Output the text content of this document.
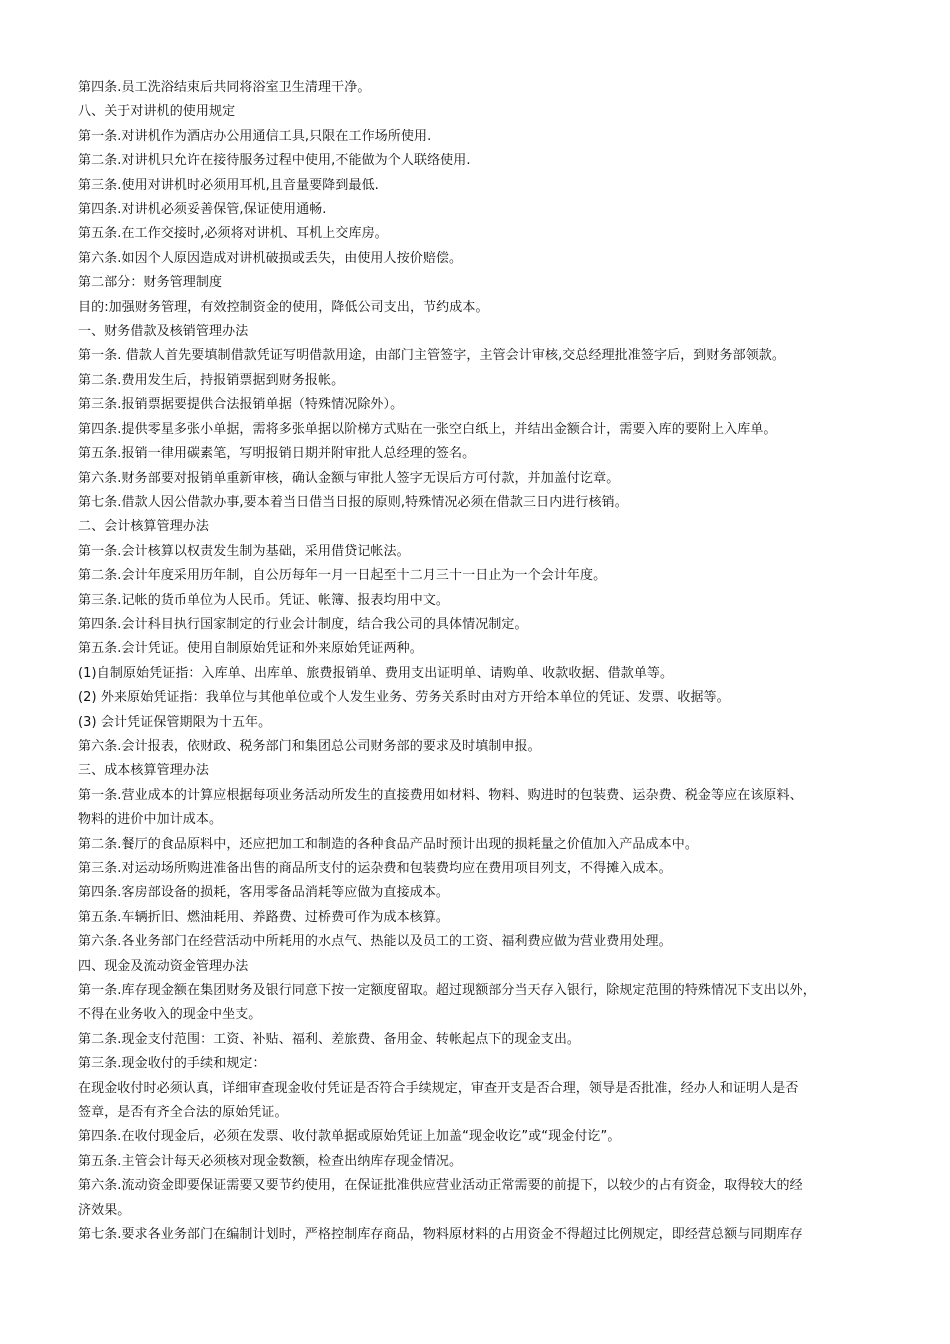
第四条.员工洗浴结束后共同将浴室卫生清理干净。
八、关于对讲机的使用规定
第一条.对讲机作为酒店办公用通信工具,只限在工作场所使用.
第二条.对讲机只允许在接待服务过程中使用,不能做为个人联络使用.
第三条.使用对讲机时必须用耳机,且音量要降到最低.
第四条.对讲机必须妥善保管,保证使用通畅.
第五条.在工作交接时,必须将对讲机、耳机上交库房。
第六条.如因个人原因造成对讲机破损或丢失，由使用人按价赔偿。
第二部分：财务管理制度
目的:加强财务管理，有效控制资金的使用，降低公司支出，节约成本。
一、财务借款及核销管理办法
第一条. 借款人首先要填制借款凭证写明借款用途，由部门主管签字，主管会计审核,交总经理批准签字后，到财务部领款。
第二条.费用发生后，持报销票据到财务报帐。
第三条.报销票据要提供合法报销单据（特殊情况除外）。
第四条.提供零星多张小单据，需将多张单据以阶梯方式贴在一张空白纸上，并结出金额合计，需要入库的要附上入库单。
第五条.报销一律用碳素笔，写明报销日期并附审批人总经理的签名。
第六条.财务部要对报销单重新审核，确认金额与审批人签字无误后方可付款，并加盖付讫章。
第七条.借款人因公借款办事,要本着当日借当日报的原则,特殊情况必须在借款三日内进行核销。
二、会计核算管理办法
第一条.会计核算以权责发生制为基础，采用借贷记帐法。
第二条.会计年度采用历年制，自公历每年一月一日起至十二月三十一日止为一个会计年度。
第三条.记帐的货币单位为人民币。凭证、帐簿、报表均用中文。
第四条.会计科目执行国家制定的行业会计制度，结合我公司的具体情况制定。
第五条.会计凭证。使用自制原始凭证和外来原始凭证两种。
(1)自制原始凭证指：入库单、出库单、旅费报销单、费用支出证明单、请购单、收款收据、借款单等。
(2) 外来原始凭证指：我单位与其他单位或个人发生业务、劳务关系时由对方开给本单位的凭证、发票、收据等。
(3) 会计凭证保管期限为十五年。
第六条.会计报表，依财政、税务部门和集团总公司财务部的要求及时填制申报。
三、成本核算管理办法
第一条.营业成本的计算应根据每项业务活动所发生的直接费用如材料、物料、购进时的包装费、运杂费、税金等应在该原料、
物料的进价中加计成本。
第二条.餐厅的食品原料中，还应把加工和制造的各种食品产品时预计出现的损耗量之价值加入产品成本中。
第三条.对运动场所购进准备出售的商品所支付的运杂费和包装费均应在费用项目列支，不得摊入成本。
第四条.客房部设备的损耗，客用零备品消耗等应做为直接成本。
第五条.车辆折旧、燃油耗用、养路费、过桥费可作为成本核算。
第六条.各业务部门在经营活动中所耗用的水点气、热能以及员工的工资、福利费应做为营业费用处理。
四、现金及流动资金管理办法
第一条.库存现金额在集团财务及银行同意下按一定额度留取。超过现额部分当天存入银行，除规定范围的特殊情况下支出以外，
不得在业务收入的现金中坐支。
第二条.现金支付范围：工资、补贴、福利、差旅费、备用金、转帐起点下的现金支出。
第三条.现金收付的手续和规定：
在现金收付时必须认真，详细审查现金收付凭证是否符合手续规定，审查开支是否合理，领导是否批准，经办人和证明人是否
签章，是否有齐全合法的原始凭证。
第四条.在收付现金后，必须在发票、收付款单据或原始凭证上加盖“现金收讫”或“现金付讫”。
第五条.主管会计每天必须核对现金数额，检查出纳库存现金情况。
第六条.流动资金即要保证需要又要节约使用，在保证批准供应营业活动正常需要的前提下，以较少的占有资金，取得较大的经
济效果。
第七条.要求各业务部门在编制计划时，严格控制库存商品，物料原材料的占用资金不得超过比例规定，即经营总额与同期库存
